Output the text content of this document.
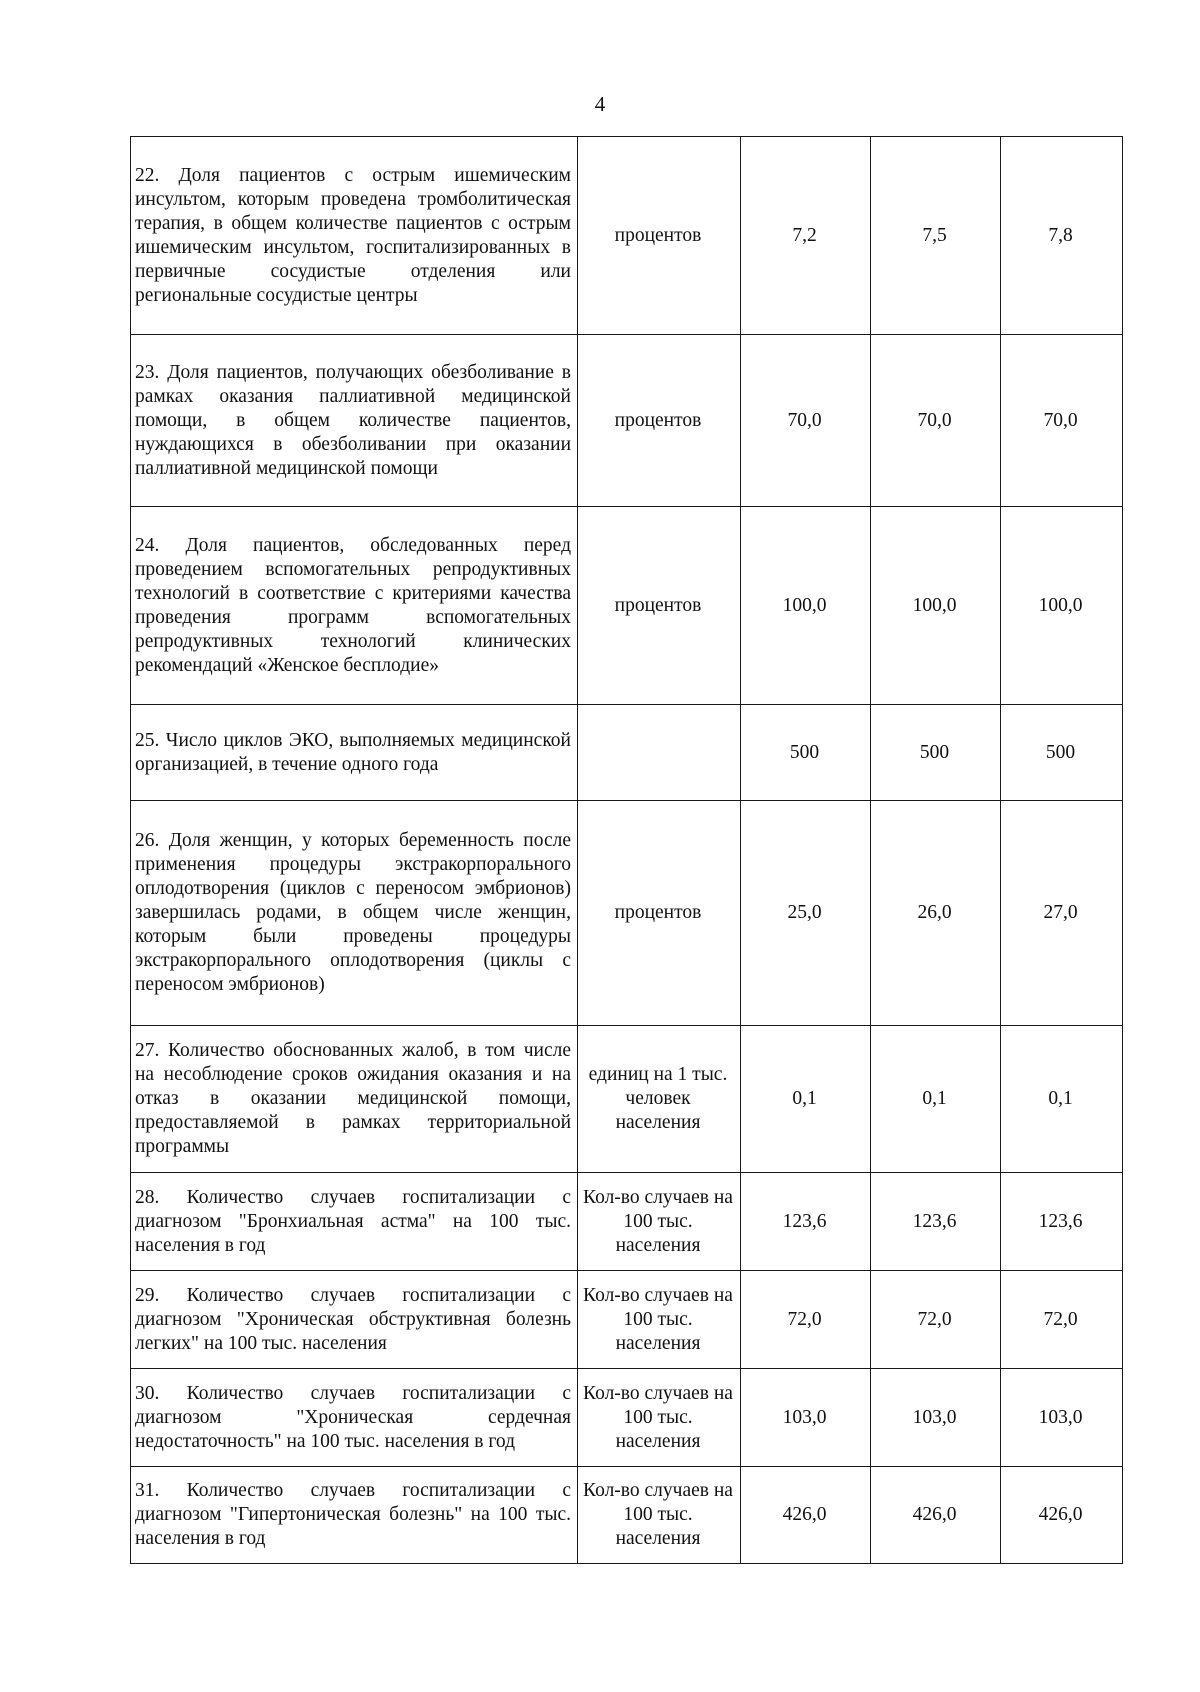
4
22. Доля пациентов с острым ишемическим инсультом, которым проведена тромболитическая терапия, в общем количестве пациентов с острым ишемическим инсультом, госпитализированных в первичные сосудистые отделения или региональные сосудистые центры	процентов	7,2	7,5	7,8
23. Доля пациентов, получающих обезболивание в рамках оказания паллиативной медицинской помощи, в общем количестве пациентов, нуждающихся в обезболивании при оказании паллиативной медицинской помощи	процентов	70,0	70,0	70,0
24. Доля пациентов, обследованных перед проведением вспомогательных репродуктивных технологий в соответствие с критериями качества проведения программ вспомогательных репродуктивных технологий клинических рекомендаций «Женское бесплодие»	процентов	100,0	100,0	100,0
25. Число циклов ЭКО, выполняемых медицинской организацией, в течение одного года		500	500	500
26. Доля женщин, у которых беременность после применения процедуры экстракорпорального оплодотворения (циклов с переносом эмбрионов) завершилась родами, в общем числе женщин, которым были проведены процедуры экстракорпорального оплодотворения (циклы с переносом эмбрионов)	процентов	25,0	26,0	27,0
27. Количество обоснованных жалоб, в том числе на несоблюдение сроков ожидания оказания и на отказ в оказании медицинской помощи, предоставляемой в рамках территориальной программы	единиц на 1 тыс. человек населения	0,1	0,1	0,1
28. Количество случаев госпитализации с диагнозом "Бронхиальная астма" на 100 тыс. населения в год	Кол-во случаев на 100 тыс. населения	123,6	123,6	123,6
29. Количество случаев госпитализации с диагнозом "Хроническая обструктивная болезнь легких" на 100 тыс. населения	Кол-во случаев на 100 тыс. населения	72,0	72,0	72,0
30. Количество случаев госпитализации с диагнозом "Хроническая сердечная недостаточность" на 100 тыс. населения в год	Кол-во случаев на 100 тыс. населения	103,0	103,0	103,0
31. Количество случаев госпитализации с диагнозом "Гипертоническая болезнь" на 100 тыс. населения в год	Кол-во случаев на 100 тыс. населения	426,0	426,0	426,0
